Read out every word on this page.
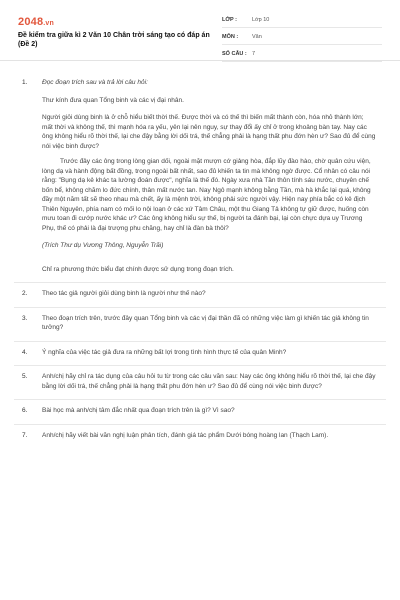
2048.vn
Đề kiểm tra giữa kì 2 Văn 10 Chân trời sáng tạo có đáp án (Đề 2)
LỚP :	Lớp 10
MÔN :	Văn
SỐ CÂU : 7
1. Đọc đoạn trích sau và trả lời câu hỏi:

Thư kính đưa quan Tổng binh và các vị đại nhân.

Người giỏi dùng binh là ở chỗ hiểu biết thời thế. Được thời và có thế thì biến mất thành còn, hóa nhỏ thành lớn; mất thời và không thế, thì mạnh hóa ra yếu, yên lại nên nguy, sự thay đổi ấy chỉ ở trong khoảng bàn tay. Nay các ông không hiểu rõ thời thế, lại che đậy bằng lời dối trá, thế chẳng phải là hạng thất phu đớn hèn ư? Sao đủ để cùng nói việc binh được?

Trước đây các ông trong lòng gian dối, ngoài mặt mượn cớ giảng hòa, đắp lũy đào hào, chờ quân cứu viện, lòng dạ và hành động bất đồng, trong ngoài bất nhất, sao đủ khiến ta tin mà không ngờ được. Cổ nhân có câu nói rằng: "Bụng dạ kẻ khác ta lường đoán được", nghĩa là thế đó. Ngày xưa nhà Tần thôn tính sáu nước, chuyên chế bốn bể, không chăm lo đức chính, thân mất nước tan. Nay Ngô mạnh không bằng Tần, mà hà khắc lại quá, không đầy một năm tất sẽ theo nhau mà chết, ấy là mệnh trời, không phải sức người vậy. Hiện nay phía bắc có kẻ địch Thiên Nguyên, phía nam có mối lo nội loạn ở các xứ Tâm Châu, một thu Giang Tả không tự giữ được, huống còn mưu toan đi cướp nước khác ư? Các ông không hiểu sự thế, bị người ta đánh bại, lại còn chực dựa uy Trương Phụ, thế có phải là đại trượng phu chăng, hay chỉ là đàn bà thôi?

(Trích Thư dụ Vương Thông, Nguyễn Trãi)

Chỉ ra phương thức biểu đạt chính được sử dụng trong đoạn trích.

2. Theo tác giả người giỏi dùng binh là người như thế nào?

3. Theo đoạn trích trên, trước đây quan Tổng binh và các vị đại thần đã có những việc làm gì khiến tác giả không tin tưởng?

4. Ý nghĩa của việc tác giả đưa ra những bất lợi trong tình hình thực tế của quân Minh?

5. Anh/chị hãy chỉ ra tác dụng của câu hỏi tu từ trong các câu văn sau: Nay các ông không hiểu rõ thời thế, lại che đậy bằng lời dối trá, thế chẳng phải là hạng thất phu đớn hèn ư? Sao đủ để cùng nói việc binh được?

6. Bài học mà anh/chị tâm đắc nhất qua đoạn trích trên là gì? Vì sao?

7. Anh/chị hãy viết bài văn nghị luận phân tích, đánh giá tác phẩm Dưới bóng hoàng lan (Thạch Lam).
